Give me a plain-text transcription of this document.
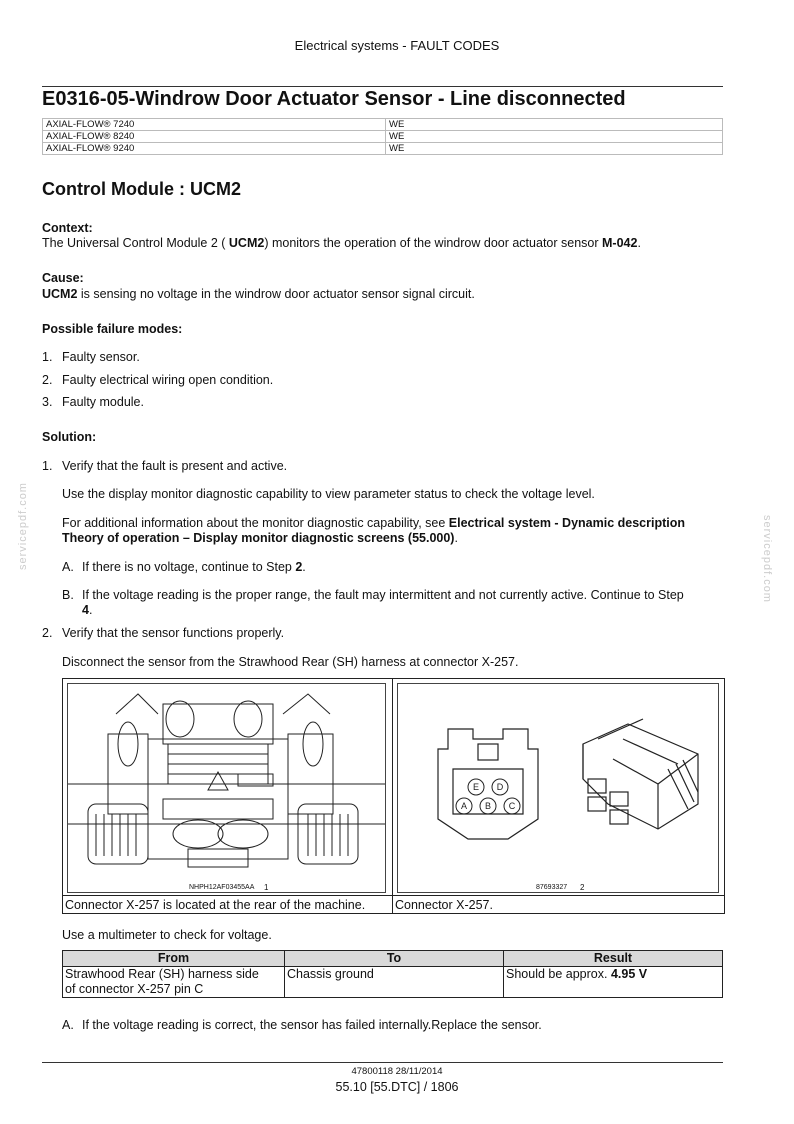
Electrical systems - FAULT CODES
E0316-05-Windrow Door Actuator Sensor - Line disconnected
AXIAL-FLOW® 7240	WE
AXIAL-FLOW® 8240	WE
AXIAL-FLOW® 9240	WE
Control Module : UCM2
Context:
The Universal Control Module 2 ( UCM2) monitors the operation of the windrow door actuator sensor M-042.
Cause:
UCM2 is sensing no voltage in the windrow door actuator sensor signal circuit.
Possible failure modes:
1. Faulty sensor.
2. Faulty electrical wiring open condition.
3. Faulty module.
Solution:
1. Verify that the fault is present and active.
Use the display monitor diagnostic capability to view parameter status to check the voltage level.
For additional information about the monitor diagnostic capability, see Electrical system - Dynamic description
Theory of operation – Display monitor diagnostic screens (55.000).
A. If there is no voltage, continue to Step 2.
B. If the voltage reading is the proper range, the fault may intermittent and not currently active. Continue to Step
4.
2. Verify that the sensor functions properly.
Disconnect the sensor from the Strawhood Rear (SH) harness at connector X-257.
NHPH12AF03455AA 1
Connector X-257 is located at the rear of the machine.
E D
A B C
87693327 2
Connector X-257.
Use a multimeter to check for voltage.
From	To	Result
Strawhood Rear (SH) harness side
of connector X-257 pin C	Chassis ground	Should be approx. 4.95 V
A. If the voltage reading is correct, the sensor has failed internally.Replace the sensor.
47800118 28/11/2014
55.10 [55.DTC] / 1806
servicepdf.com	servicepdf.com
